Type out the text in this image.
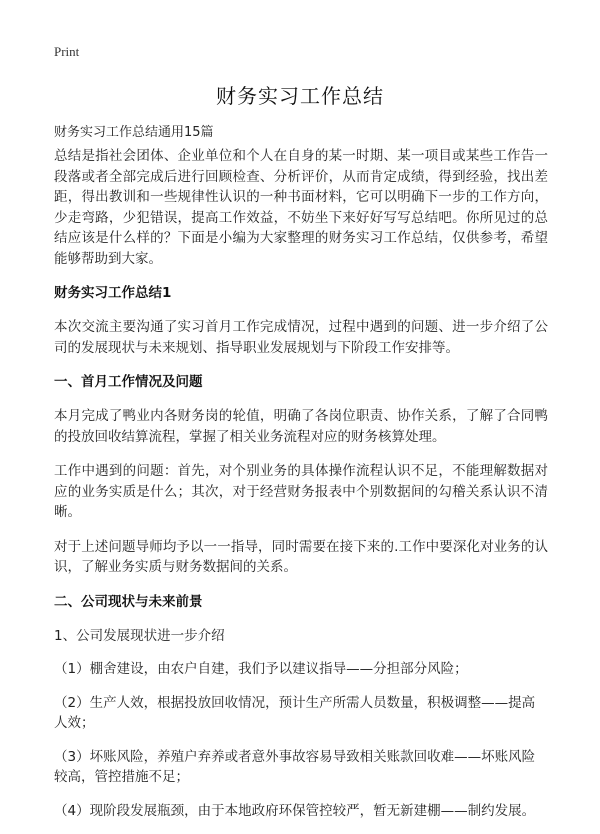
Print
财务实习工作总结
财务实习工作总结通用15篇

总结是指社会团体、企业单位和个人在自身的某一时期、某一项目或某些工作告一段落或者全部完成后进行回顾检查、分析评价，从而肯定成绩，得到经验，找出差距，得出教训和一些规律性认识的一种书面材料，它可以明确下一步的工作方向，少走弯路，少犯错误，提高工作效益，不妨坐下来好好写写总结吧。你所见过的总结应该是什么样的？下面是小编为大家整理的财务实习工作总结，仅供参考，希望能够帮助到大家。

财务实习工作总结1

本次交流主要沟通了实习首月工作完成情况，过程中遇到的问题、进一步介绍了公司的发展现状与未来规划、指导职业发展规划与下阶段工作安排等。

一、首月工作情况及问题

本月完成了鸭业内各财务岗的轮值，明确了各岗位职责、协作关系，了解了合同鸭的投放回收结算流程，掌握了相关业务流程对应的财务核算处理。

工作中遇到的问题：首先，对个别业务的具体操作流程认识不足，不能理解数据对应的业务实质是什么；其次，对于经营财务报表中个别数据间的勾稽关系认识不清晰。

对于上述问题导师均予以一一指导，同时需要在接下来的.工作中要深化对业务的认识，了解业务实质与财务数据间的关系。

二、公司现状与未来前景
1、公司发展现状进一步介绍
（1）棚舍建设，由农户自建，我们予以建议指导——分担部分风险；
（2）生产人效，根据投放回收情况，预计生产所需人员数量，积极调整——提高人效；
（3）坏账风险，养殖户弃养或者意外事故容易导致相关账款回收难——坏账风险较高，管控措施不足；
（4）现阶段发展瓶颈，由于本地政府环保管控较严，暂无新建棚——制约发展。
